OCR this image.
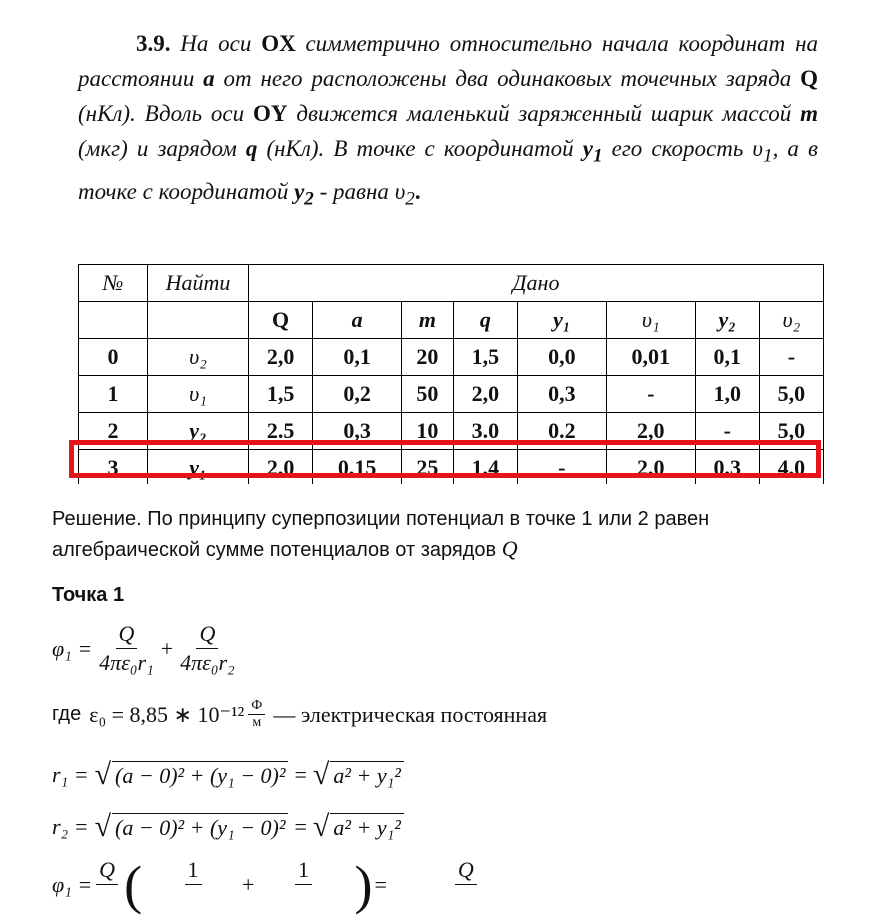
3.9. На оси OX симметрично относительно начала координат на расстоянии a от него расположены два одинаковых точечных заряда Q (нКл). Вдоль оси OY движется маленький заряженный шарик массой m (мкг) и зарядом q (нКл). В точке с координатой $y_1$ его скорость $\upsilon_1$, а в точке с координатой $y_2$ - равна $\upsilon_2$.
№	Найти	Дано							
		Q	a	m	q	y₁	υ₁	y₂	υ₂
0	υ₂	2,0	0,1	20	1,5	0,0	0,01	0,1	-
1	υ₁	1,5	0,2	50	2,0	0,3	-	1,0	5,0
2	y₂	2.5	0,3	10	3.0	0.2	2,0	-	5,0
3	y₁	2,0	0,15	25	1,4	-	2,0	0,3	4,0

Решение. По принципу суперпозиции потенциал в точке 1 или 2 равен алгебраической сумме потенциалов от зарядов Q
Точка 1
$\varphi_1 = \frac{Q}{\text{4πε₀r₁}} + \frac{Q}{\text{4πε₀r₂}}$
где ε₀ = 8,85 ∗ $10^{-12} \frac{Ф}{м}$ — электрическая постоянная
r₁ = √ (a − 0)² + (y₁ − 0)² = √ a² + y₁²
r₂ = √ (a − 0)² + (y₁ − 0)² = √ a² + y₁²
φ₁ =
Q
( 1

+
1
) =
Q
